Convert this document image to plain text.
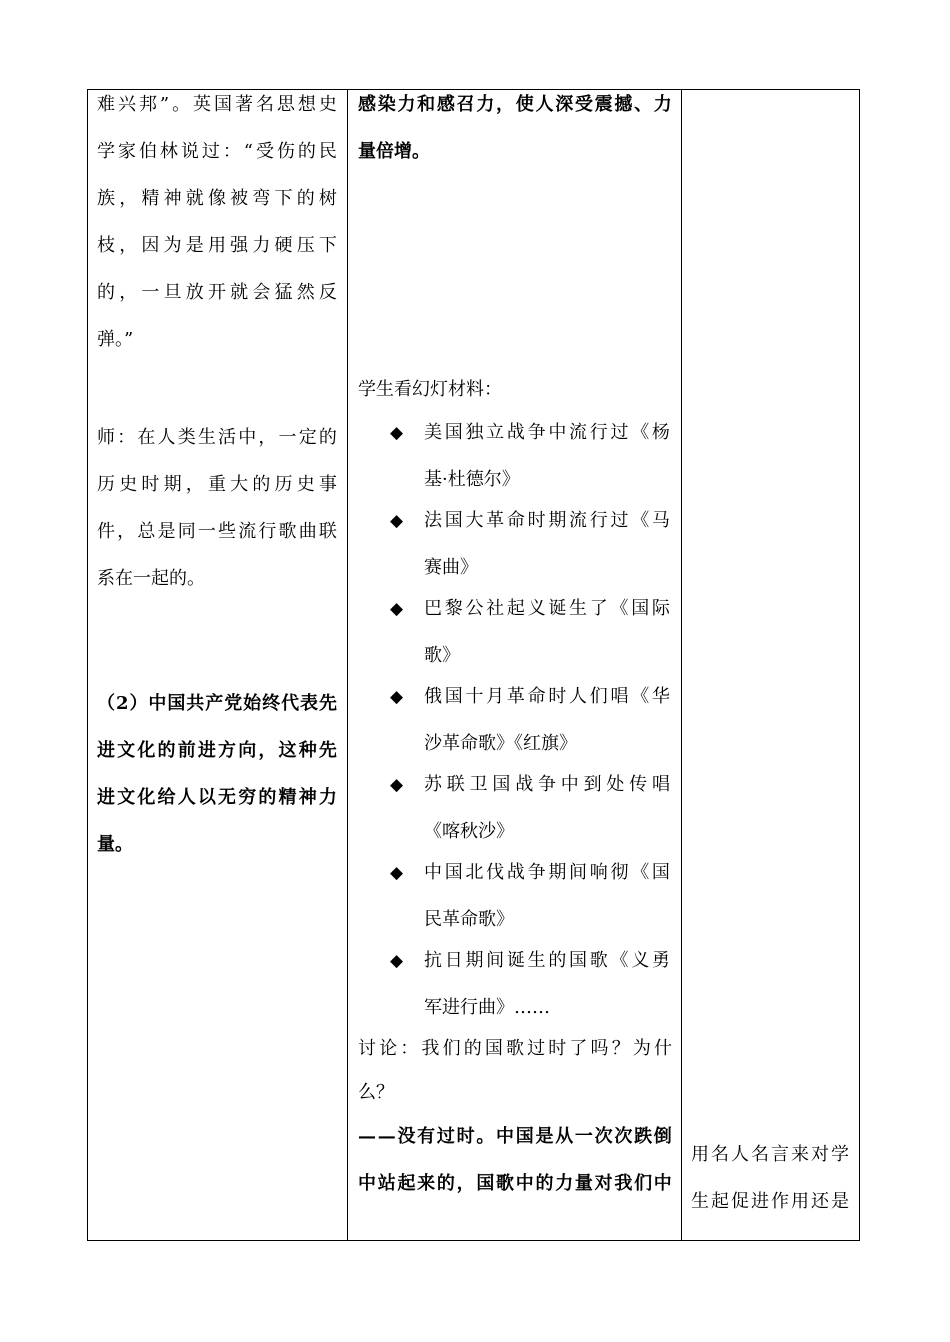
难 兴 邦 ” 。 英 国 著 名 思 想 史
学 家 伯 林 说 过 ： “ 受 伤 的 民
族 ， 精 神 就 像 被 弯 下 的 树
枝 ， 因 为 是 用 强 力 硬 压 下
的 ， 一 旦 放 开 就 会 猛 然 反
弹。”
师 ： 在 人 类 生 活 中 ， 一 定 的
历 史 时 期 ， 重 大 的 历 史 事
件 ， 总 是 同 一 些 流 行 歌 曲 联
系在一起的。
（ 2 ） 中 国 共 产 党 始 终 代 表 先
进 文 化 的 前 进 方 向 ， 这 种 先
进 文 化 给 人 以 无 穷 的 精 神 力
量。

感 染 力 和 感 召 力 ， 使 人 深 受 震 撼 、 力
量倍增。
学生看幻灯材料：
◆ 美 国 独 立 战 争 中 流 行 过 《 杨
基·杜德尔》
◆ 法 国 大 革 命 时 期 流 行 过 《 马
赛曲》
◆ 巴 黎 公 社 起 义 诞 生 了 《 国 际
歌》
◆ 俄 国 十 月 革 命 时 人 们 唱 《 华
沙革命歌》《红旗》
◆ 苏 联 卫 国 战 争 中 到 处 传 唱
《喀秋沙》
◆ 中 国 北 伐 战 争 期 间 响 彻 《 国
民革命歌》
◆ 抗 日 期 间 诞 生 的 国 歌 《 义 勇
军进行曲》……
讨 论 ： 我 们 的 国 歌 过 时 了 吗 ？ 为 什
么？
— — 没 有 过 时 。 中 国 是 从 一 次 次 跌 倒
中 站 起 来 的 ， 国 歌 中 的 力 量 对 我 们 中

用 名 人 名 言 来 对 学
生 起 促 进 作 用 还 是
